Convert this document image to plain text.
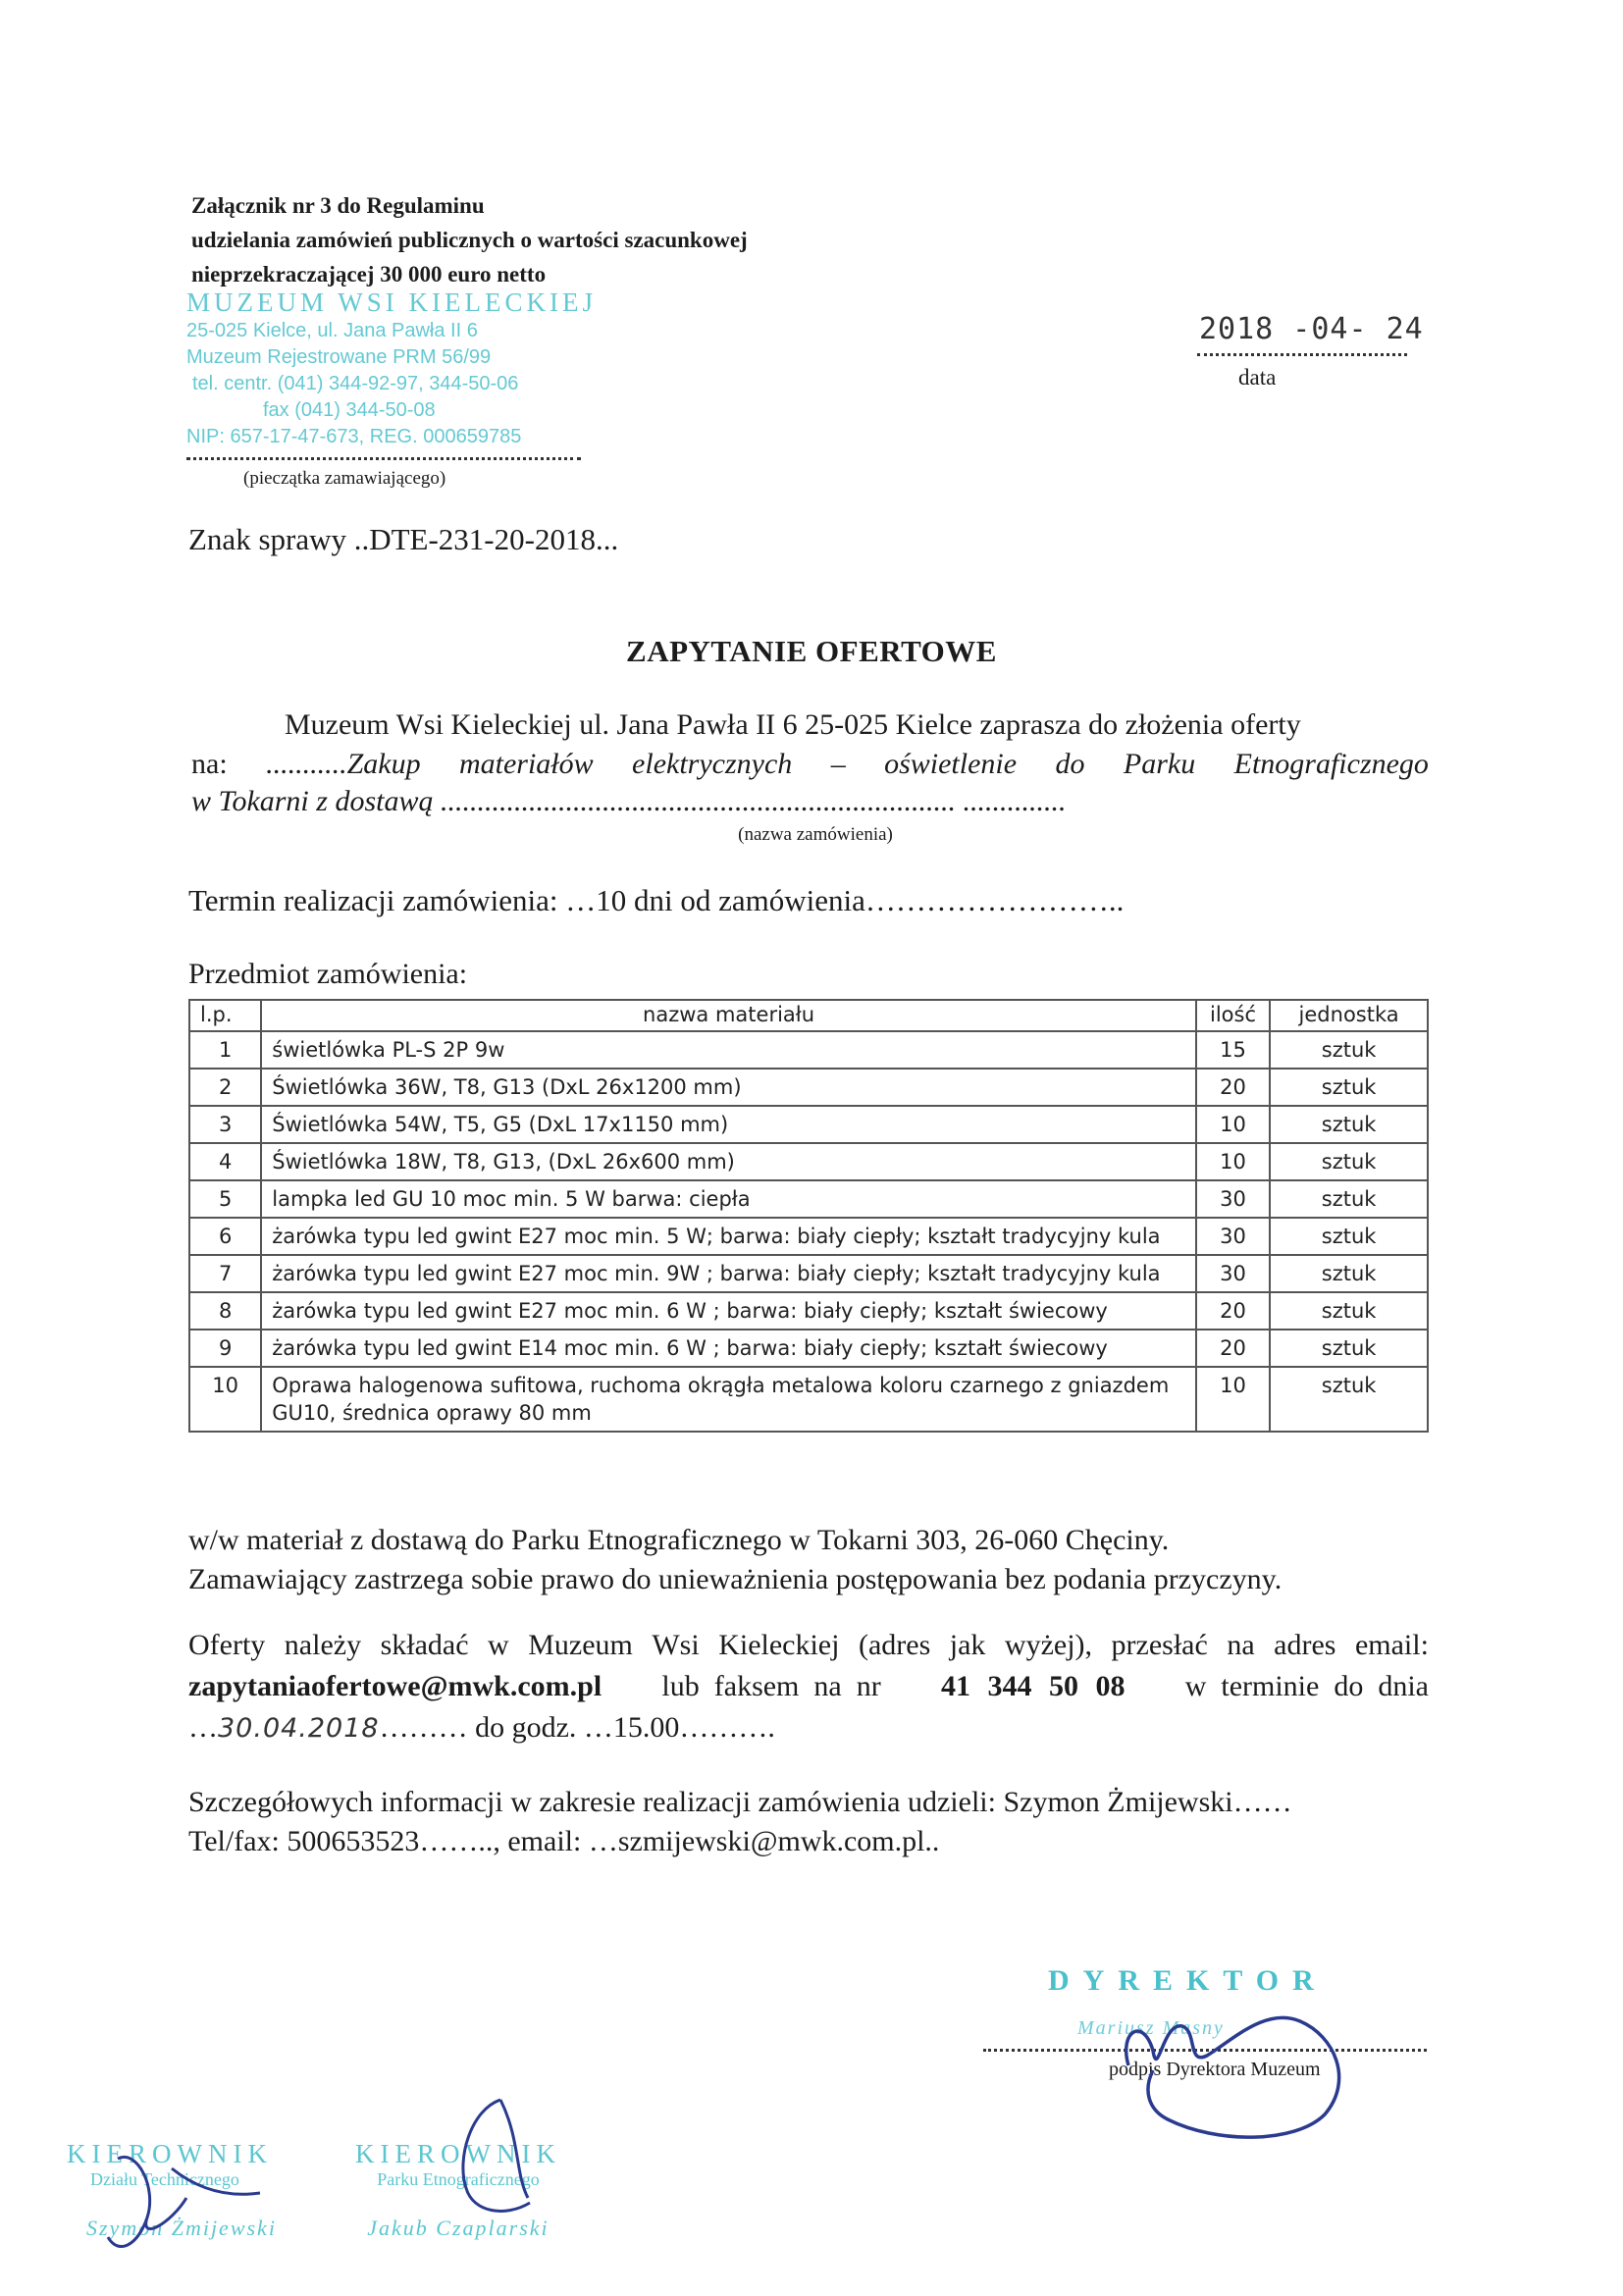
Załącznik nr 3 do Regulaminu
udzielania zamówień publicznych o wartości szacunkowej
nieprzekraczającej 30 000 euro netto
MUZEUM WSI KIELECKIEJ
25-025 Kielce, ul. Jana Pawła II 6
Muzeum Rejestrowane PRM 56/99
tel. centr. (041) 344-92-97, 344-50-06
fax (041) 344-50-08
NIP: 657-17-47-673, REG. 000659785
(pieczątka zamawiającego)
2018 -04- 24
data
Znak sprawy ..DTE-231-20-2018...
ZAPYTANIE OFERTOWE
Muzeum Wsi Kieleckiej ul. Jana Pawła II 6 25-025 Kielce zaprasza do złożenia oferty
na: ...........Zakup materiałów elektrycznych – oświetlenie do Parku Etnograficznego
w Tokarni z dostawą ...................................................................... ..............
(nazwa zamówienia)
Termin realizacji zamówienia: …10 dni od zamówienia……………………..
Przedmiot zamówienia:
l.p.	nazwa materiału	ilość	jednostka
1	świetlówka PL-S 2P 9w	15	sztuk
2	Świetlówka 36W, T8, G13 (DxL 26x1200 mm)	20	sztuk
3	Świetlówka 54W, T5, G5 (DxL 17x1150 mm)	10	sztuk
4	Świetlówka 18W, T8, G13, (DxL 26x600 mm)	10	sztuk
5	lampka led GU 10 moc min. 5 W barwa: ciepła	30	sztuk
6	żarówka typu led gwint E27 moc min. 5 W; barwa: biały ciepły; kształt tradycyjny kula	30	sztuk
7	żarówka typu led gwint E27 moc min. 9W ; barwa: biały ciepły; kształt tradycyjny kula	30	sztuk
8	żarówka typu led gwint E27 moc min. 6 W ; barwa: biały ciepły; kształt świecowy	20	sztuk
9	żarówka typu led gwint E14 moc min. 6 W ; barwa: biały ciepły; kształt świecowy	20	sztuk
10	Oprawa halogenowa sufitowa, ruchoma okrągła metalowa koloru czarnego z gniazdem GU10, średnica oprawy 80 mm	10	sztuk
w/w materiał z dostawą do Parku Etnograficznego w Tokarni 303, 26-060 Chęciny.
Zamawiający zastrzega sobie prawo do unieważnienia postępowania bez podania przyczyny.
Oferty należy składać w Muzeum Wsi Kieleckiej (adres jak wyżej), przesłać na adres email:
zapytaniaofertowe@mwk.com.pl lub  faksem  na  nr 41 344 50 08 w  terminie  do  dnia
…30.04.2018……… do godz. …15.00……….
Szczegółowych informacji w zakresie realizacji zamówienia udzieli: Szymon Żmijewski……
Tel/fax: 500653523…….., email: …szmijewski@mwk.com.pl..
DYREKTOR
Mariusz Masny
podpis Dyrektora Muzeum
KIEROWNIK
Działu Technicznego
Szymon Żmijewski
KIEROWNIK
Parku Etnograficznego
Jakub Czaplarski
